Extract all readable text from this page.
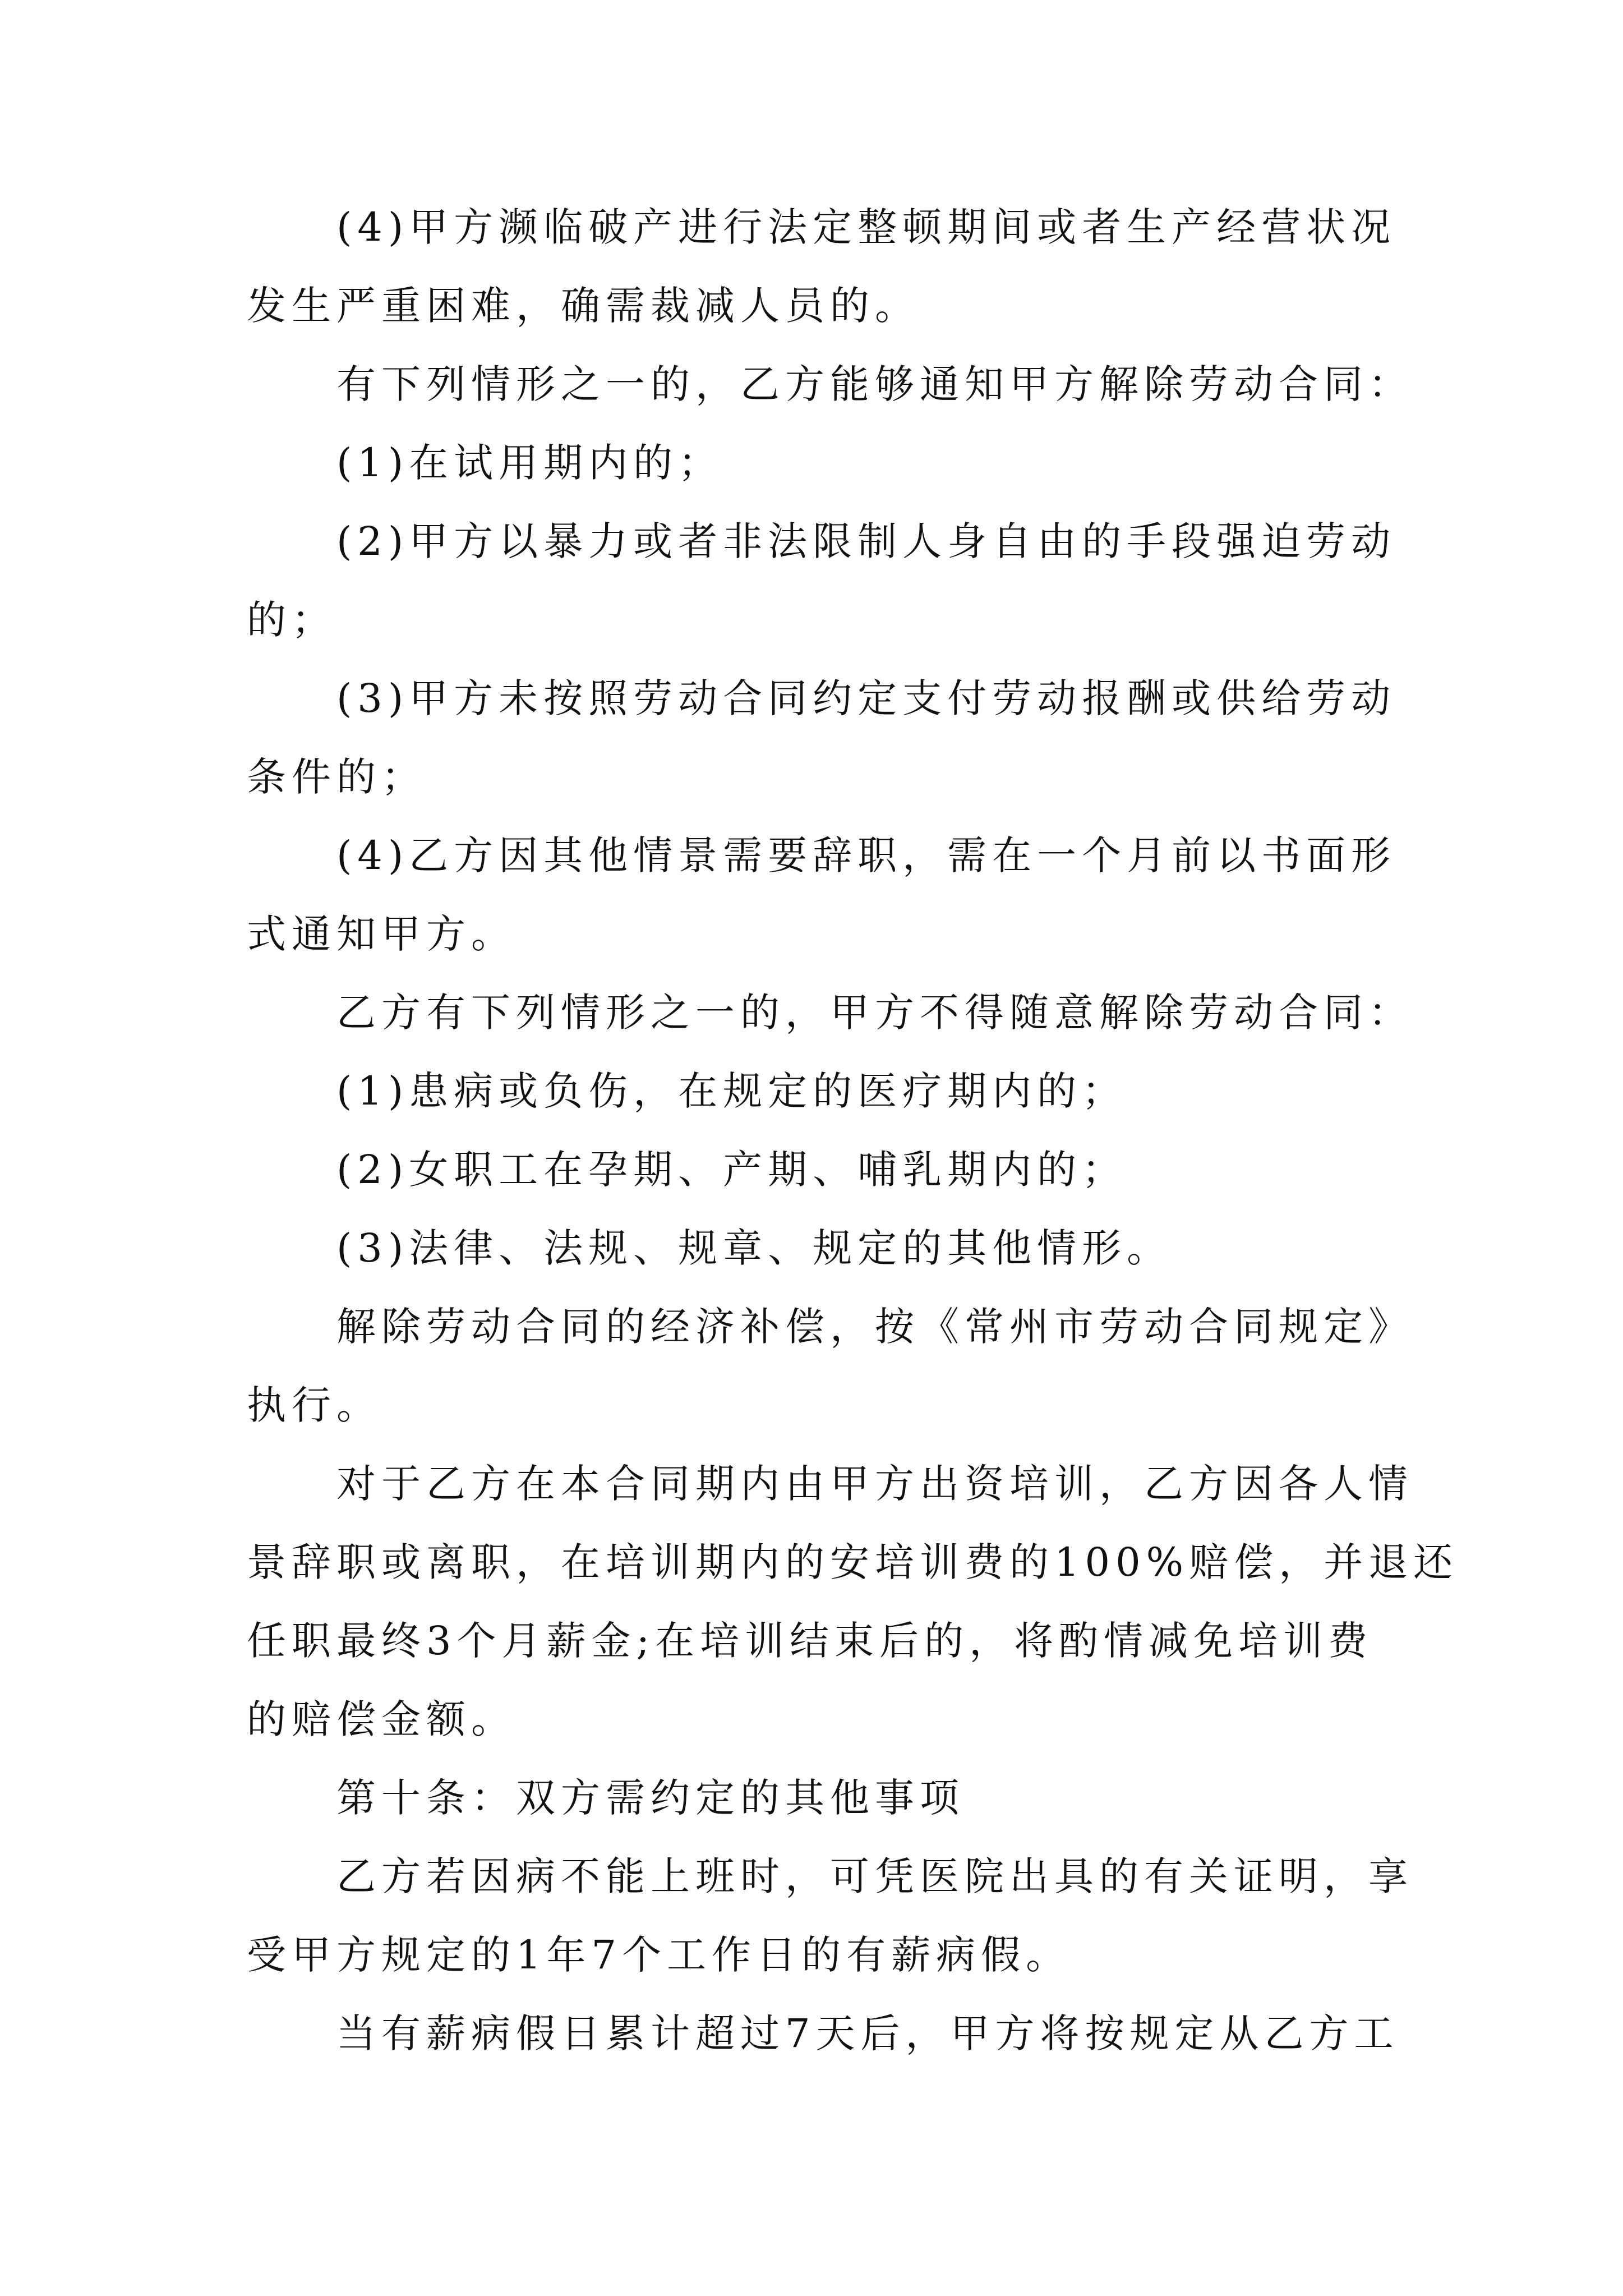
(4)甲方濒临破产进行法定整顿期间或者生产经营状况
发生严重困难，确需裁减人员的。
有下列情形之一的，乙方能够通知甲方解除劳动合同：
(1)在试用期内的；
(2)甲方以暴力或者非法限制人身自由的手段强迫劳动
的；
(3)甲方未按照劳动合同约定支付劳动报酬或供给劳动
条件的；
(4)乙方因其他情景需要辞职，需在一个月前以书面形
式通知甲方。
乙方有下列情形之一的，甲方不得随意解除劳动合同：
(1)患病或负伤，在规定的医疗期内的；
(2)女职工在孕期、产期、哺乳期内的；
(3)法律、法规、规章、规定的其他情形。
解除劳动合同的经济补偿，按《常州市劳动合同规定》
执行。
对于乙方在本合同期内由甲方出资培训，乙方因各人情
景辞职或离职，在培训期内的安培训费的100%赔偿，并退还
任职最终3个月薪金;在培训结束后的，将酌情减免培训费
的赔偿金额。
第十条：双方需约定的其他事项
乙方若因病不能上班时，可凭医院出具的有关证明，享
受甲方规定的1年7个工作日的有薪病假。
当有薪病假日累计超过7天后，甲方将按规定从乙方工
